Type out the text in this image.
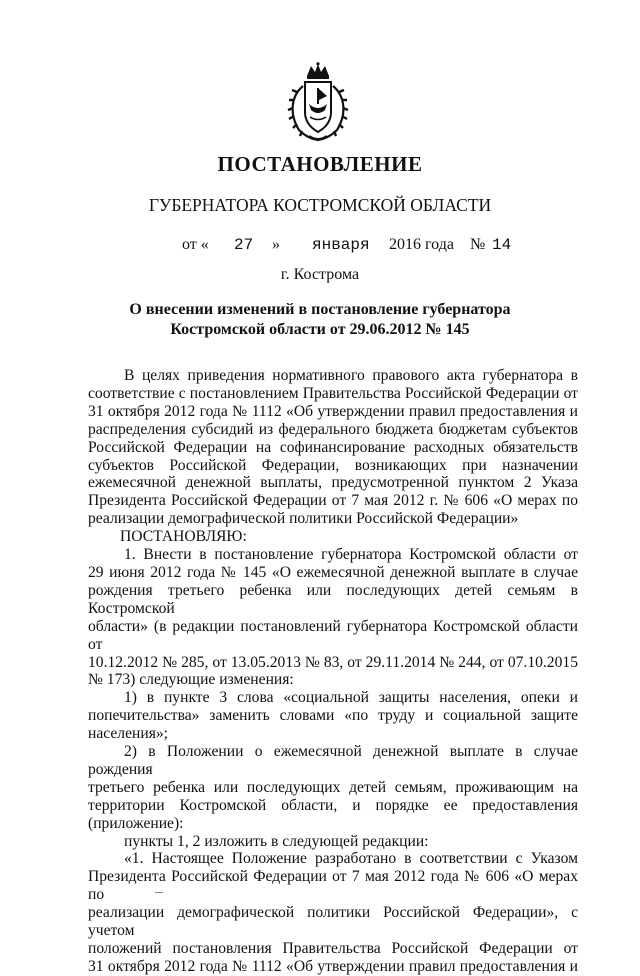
ПОСТАНОВЛЕНИЕ
ГУБЕРНАТОРА КОСТРОМСКОЙ ОБЛАСТИ
от « 27 » января 2016 года № 14
г. Кострома
О внесении изменений в постановление губернатора
Костромской области от 29.06.2012 № 145

В целях приведения нормативного правового акта губернатора в

соответствие с постановлением Правительства Российской Федерации от

31 октября 2012 года № 1112 «Об утверждении правил предоставления и

распределения субсидий из федерального бюджета бюджетам субъектов

Российской Федерации на софинансирование расходных обязательств

субъектов Российской Федерации, возникающих при назначении

ежемесячной денежной выплаты, предусмотренной пунктом 2 Указа

Президента Российской Федерации от 7 мая 2012 г. № 606 «О мерах по

реализации демографической политики Российской Федерации»

ПОСТАНОВЛЯЮ:

1. Внести в постановление губернатора Костромской области от

29 июня 2012 года № 145 «О ежемесячной денежной выплате в случае

рождения третьего ребенка или последующих детей семьям в Костромской

области» (в редакции постановлений губернатора Костромской области от

10.12.2012 № 285, от 13.05.2013 № 83, от 29.11.2014 № 244, от 07.10.2015

№ 173) следующие изменения:

1) в пункте 3 слова «социальной защиты населения, опеки и

попечительства» заменить словами «по труду и социальной защите

населения»;

2) в Положении о ежемесячной денежной выплате в случае рождения

третьего ребенка или последующих детей семьям, проживающим на

территории Костромской области, и порядке ее предоставления

(приложение):

пункты 1, 2 изложить в следующей редакции:

«1. Настоящее Положение разработано в соответствии с Указом

Президента Российской Федерации от 7 мая 2012 года № 606 «О мерах по

реализации демографической политики Российской Федерации», с учетом

положений постановления Правительства Российской Федерации от

31 октября 2012 года № 1112 «Об утверждении правил предоставления и
